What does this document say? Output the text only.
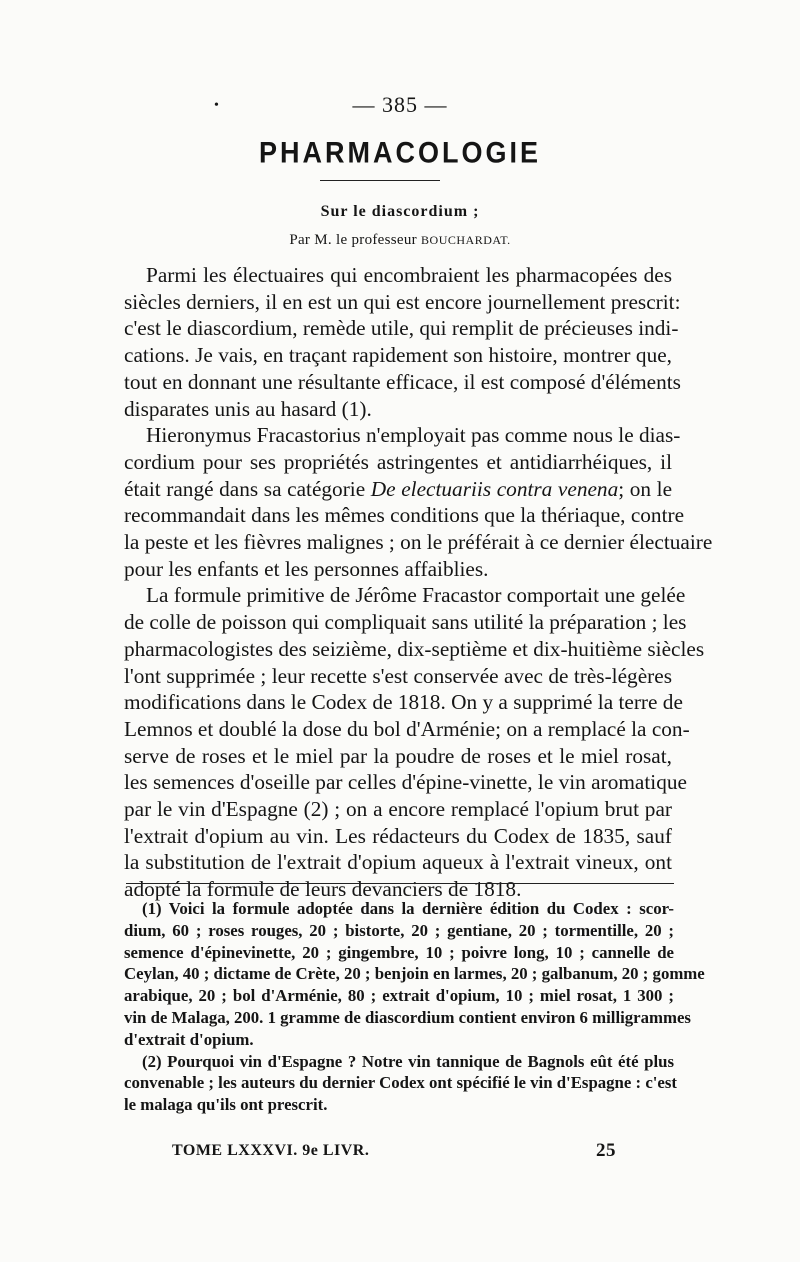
•	— 385 —
PHARMACOLOGIE
Sur le diascordium ;
Par M. le professeur BOUCHARDAT.
Parmi les électuaires qui encombraient les pharmacopées des
siècles derniers, il en est un qui est encore journellement prescrit:
c'est le diascordium, remède utile, qui remplit de précieuses indi-
cations. Je vais, en traçant rapidement son histoire, montrer que,
tout en donnant une résultante efficace, il est composé d'éléments
disparates unis au hasard (1).
Hieronymus Fracastorius n'employait pas comme nous le dias-
cordium pour ses propriétés astringentes et antidiarrhéiques, il
était rangé dans sa catégorie De electuariis contra venena; on le
recommandait dans les mêmes conditions que la thériaque, contre
la peste et les fièvres malignes ; on le préférait à ce dernier électuaire
pour les enfants et les personnes affaiblies.
La formule primitive de Jérôme Fracastor comportait une gelée
de colle de poisson qui compliquait sans utilité la préparation ; les
pharmacologistes des seizième, dix-septième et dix-huitième siècles
l'ont supprimée ; leur recette s'est conservée avec de très-légères
modifications dans le Codex de 1818. On y a supprimé la terre de
Lemnos et doublé la dose du bol d'Arménie; on a remplacé la con-
serve de roses et le miel par la poudre de roses et le miel rosat,
les semences d'oseille par celles d'épine-vinette, le vin aromatique
par le vin d'Espagne (2) ; on a encore remplacé l'opium brut par
l'extrait d'opium au vin. Les rédacteurs du Codex de 1835, sauf
la substitution de l'extrait d'opium aqueux à l'extrait vineux, ont
adopté la formule de leurs devanciers de 1818.
(1) Voici la formule adoptée dans la dernière édition du Codex : scor-
dium, 60 ; roses rouges, 20 ; bistorte, 20 ; gentiane, 20 ; tormentille, 20 ;
semence d'épinevinette, 20 ; gingembre, 10 ; poivre long, 10 ; cannelle de
Ceylan, 40 ; dictame de Crète, 20 ; benjoin en larmes, 20 ; galbanum, 20 ; gomme
arabique, 20 ; bol d'Arménie, 80 ; extrait d'opium, 10 ; miel rosat, 1 300 ;
vin de Malaga, 200. 1 gramme de diascordium contient environ 6 milligrammes
d'extrait d'opium.
(2) Pourquoi vin d'Espagne ? Notre vin tannique de Bagnols eût été plus
convenable ; les auteurs du dernier Codex ont spécifié le vin d'Espagne : c'est
le malaga qu'ils ont prescrit.
TOME LXXXVI. 9e LIVR.	25
